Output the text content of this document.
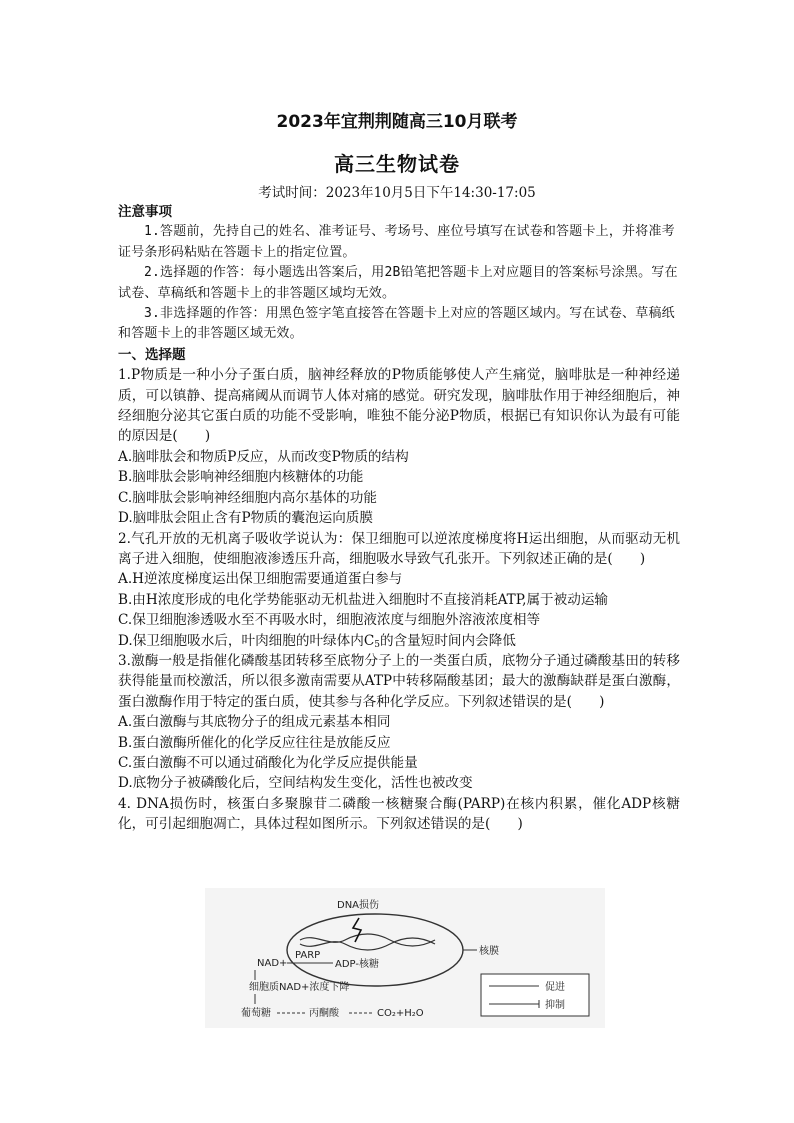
2023年宜荆荆随高三10月联考
高三生物试卷
考试时间：2023年10月5日下午14:30-17:05
注意事项

1.答题前，先持自己的姓名、准考证号、考场号、座位号填写在试卷和答题卡上，并将准考证号条形码粘贴在答题卡上的指定位置。

2.选择题的作答：每小题选出答案后，用2B铅笔把答题卡上对应题目的答案标号涂黑。写在试卷、草稿纸和答题卡上的非答题区域均无效。

3.非选择题的作答：用黑色签字笔直接答在答题卡上对应的答题区域内。写在试卷、草稿纸和答题卡上的非答题区域无效。

一、选择题

1.P物质是一种小分子蛋白质，脑神经释放的P物质能够使人产生痛觉，脑啡肽是一种神经递质，可以镇静、提高痛阈从而调节人体对痛的感觉。研究发现，脑啡肽作用于神经细胞后，神经细胞分泌其它蛋白质的功能不受影响，唯独不能分泌P物质，根据已有知识你认为最有可能的原因是(　　)

A.脑啡肽会和物质P反应，从而改变P物质的结构

B.脑啡肽会影响神经细胞内核糖体的功能

C.脑啡肽会影响神经细胞内高尔基体的功能

D.脑啡肽会阻止含有P物质的囊泡运向质膜

2.气孔开放的无机离子吸收学说认为：保卫细胞可以逆浓度梯度将H运出细胞，从而驱动无机离子进入细胞，使细胞液渗透压升高，细胞吸水导致气孔张开。下列叙述正确的是(　　)

A.H逆浓度梯度运出保卫细胞需要通道蛋白参与

B.由H浓度形成的电化学势能驱动无机盐进入细胞时不直接消耗ATP,属于被动运输

C.保卫细胞渗透吸水至不再吸水时，细胞液浓度与细胞外溶液浓度相等

D.保卫细胞吸水后，叶肉细胞的叶绿体内$C_5$的含量短时间内会降低

3.激酶一般是指催化磷酸基团转移至底物分子上的一类蛋白质，底物分子通过磷酸基田的转移获得能量而校激活，所以很多激南需要从ATP中转移隔酸基团；最大的激酶缺群是蛋白激酶，蛋白激酶作用于特定的蛋白质，使其参与各种化学反应。下列叙述错误的是(　　)

A.蛋白激酶与其底物分子的组成元素基本相同

B.蛋白激酶所催化的化学反应往往是放能反应

C.蛋白激酶不可以通过硝酸化为化学反应提供能量

D.底物分子被磷酸化后，空间结构发生变化，活性也被改变

4. DNA损伤时，核蛋白多聚腺苷二磷酸一核糖聚合酶(PARP)在核内积累，催化ADP核糖化，可引起细胞凋亡，具体过程如图所示。下列叙述错误的是(　　)

DNA损伤
核膜
NAD+
PARP
ADP-核糖
细胞质NAD+浓度下降
葡萄糖	丙酮酸	CO₂+H₂O
促进
抑制
